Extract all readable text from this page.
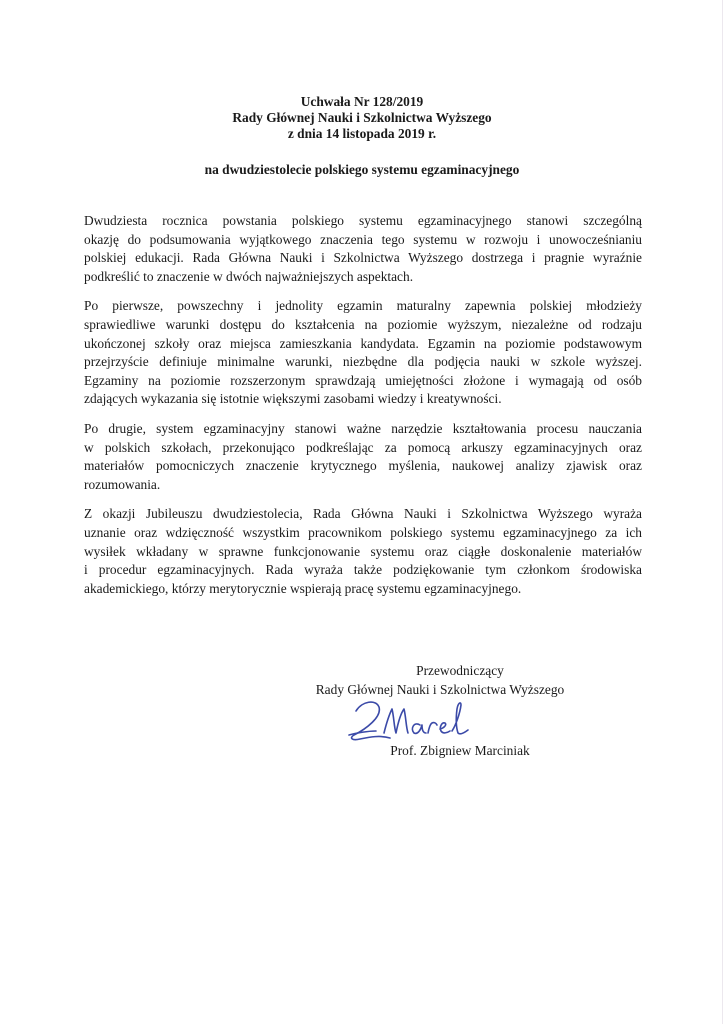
Uchwała Nr 128/2019
Rady Głównej Nauki i Szkolnictwa Wyższego
z dnia 14 listopada 2019 r.
na dwudziestolecie polskiego systemu egzaminacyjnego

Dwudziesta rocznica powstania polskiego systemu egzaminacyjnego stanowi szczególną
okazję do podsumowania wyjątkowego znaczenia tego systemu w rozwoju i unowocześnianiu
polskiej edukacji. Rada Główna Nauki i Szkolnictwa Wyższego dostrzega i pragnie wyraźnie
podkreślić to znaczenie w dwóch najważniejszych aspektach.

Po pierwsze, powszechny i jednolity egzamin maturalny zapewnia polskiej młodzieży
sprawiedliwe warunki dostępu do kształcenia na poziomie wyższym, niezależne od rodzaju
ukończonej szkoły oraz miejsca zamieszkania kandydata. Egzamin na poziomie podstawowym
przejrzyście definiuje minimalne warunki, niezbędne dla podjęcia nauki w szkole wyższej.
Egzaminy na poziomie rozszerzonym sprawdzają umiejętności złożone i wymagają od osób
zdających wykazania się istotnie większymi zasobami wiedzy i kreatywności.

Po drugie, system egzaminacyjny stanowi ważne narzędzie kształtowania procesu nauczania
w polskich szkołach, przekonująco podkreślając za pomocą arkuszy egzaminacyjnych oraz
materiałów pomocniczych znaczenie krytycznego myślenia, naukowej analizy zjawisk oraz
rozumowania.

Z okazji Jubileuszu dwudziestolecia, Rada Główna Nauki i Szkolnictwa Wyższego wyraża
uznanie oraz wdzięczność wszystkim pracownikom polskiego systemu egzaminacyjnego za ich
wysiłek wkładany w sprawne funkcjonowanie systemu oraz ciągłe doskonalenie materiałów
i procedur egzaminacyjnych. Rada wyraża także podziękowanie tym członkom środowiska
akademickiego, którzy merytorycznie wspierają pracę systemu egzaminacyjnego.

Przewodniczący
Rady Głównej Nauki i Szkolnictwa Wyższego
Prof. Zbigniew Marciniak
